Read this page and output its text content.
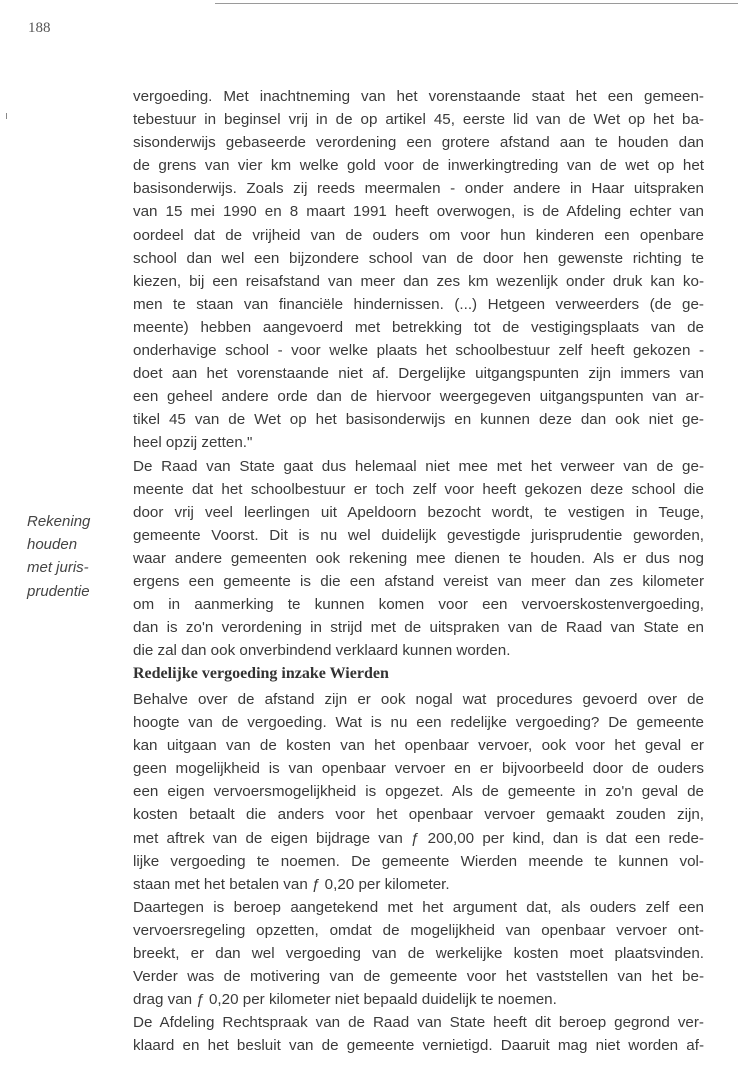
188
Rekening
houden
met juris-
prudentie

vergoeding. Met inachtneming van het vorenstaande staat het een gemeen-

tebestuur in beginsel vrij in de op artikel 45, eerste lid van de Wet op het ba-

sisonderwijs gebaseerde verordening een grotere afstand aan te houden dan

de grens van vier km welke gold voor de inwerkingtreding van de wet op het

basisonderwijs. Zoals zij reeds meermalen - onder andere in Haar uitspraken

van 15 mei 1990 en 8 maart 1991 heeft overwogen, is de Afdeling echter van

oordeel dat de vrijheid van de ouders om voor hun kinderen een openbare

school dan wel een bijzondere school van de door hen gewenste richting te

kiezen, bij een reisafstand van meer dan zes km wezenlijk onder druk kan ko-

men te staan van financiële hindernissen. (...) Hetgeen verweerders (de ge-

meente) hebben aangevoerd met betrekking tot de vestigingsplaats van de

onderhavige school - voor welke plaats het schoolbestuur zelf heeft gekozen -

doet aan het vorenstaande niet af. Dergelijke uitgangspunten zijn immers van

een geheel andere orde dan de hiervoor weergegeven uitgangspunten van ar-

tikel 45 van de Wet op het basisonderwijs en kunnen deze dan ook niet ge-

heel opzij zetten."

De Raad van State gaat dus helemaal niet mee met het verweer van de ge-

meente dat het schoolbestuur er toch zelf voor heeft gekozen deze school die

door vrij veel leerlingen uit Apeldoorn bezocht wordt, te vestigen in Teuge,

gemeente Voorst. Dit is nu wel duidelijk gevestigde jurisprudentie geworden,

waar andere gemeenten ook rekening mee dienen te houden. Als er dus nog

ergens een gemeente is die een afstand vereist van meer dan zes kilometer

om in aanmerking te kunnen komen voor een vervoerskostenvergoeding,

dan is zo'n verordening in strijd met de uitspraken van de Raad van State en

die zal dan ook onverbindend verklaard kunnen worden.

Redelijke vergoeding inzake Wierden

Behalve over de afstand zijn er ook nogal wat procedures gevoerd over de

hoogte van de vergoeding. Wat is nu een redelijke vergoeding? De gemeente

kan uitgaan van de kosten van het openbaar vervoer, ook voor het geval er

geen mogelijkheid is van openbaar vervoer en er bijvoorbeeld door de ouders

een eigen vervoersmogelijkheid is opgezet. Als de gemeente in zo'n geval de

kosten betaalt die anders voor het openbaar vervoer gemaakt zouden zijn,

met aftrek van de eigen bijdrage van ƒ 200,00 per kind, dan is dat een rede-

lijke vergoeding te noemen. De gemeente Wierden meende te kunnen vol-

staan met het betalen van ƒ 0,20 per kilometer.

Daartegen is beroep aangetekend met het argument dat, als ouders zelf een

vervoersregeling opzetten, omdat de mogelijkheid van openbaar vervoer ont-

breekt, er dan wel vergoeding van de werkelijke kosten moet plaatsvinden.

Verder was de motivering van de gemeente voor het vaststellen van het be-

drag van ƒ 0,20 per kilometer niet bepaald duidelijk te noemen.

De Afdeling Rechtspraak van de Raad van State heeft dit beroep gegrond ver-

klaard en het besluit van de gemeente vernietigd. Daaruit mag niet worden af-
